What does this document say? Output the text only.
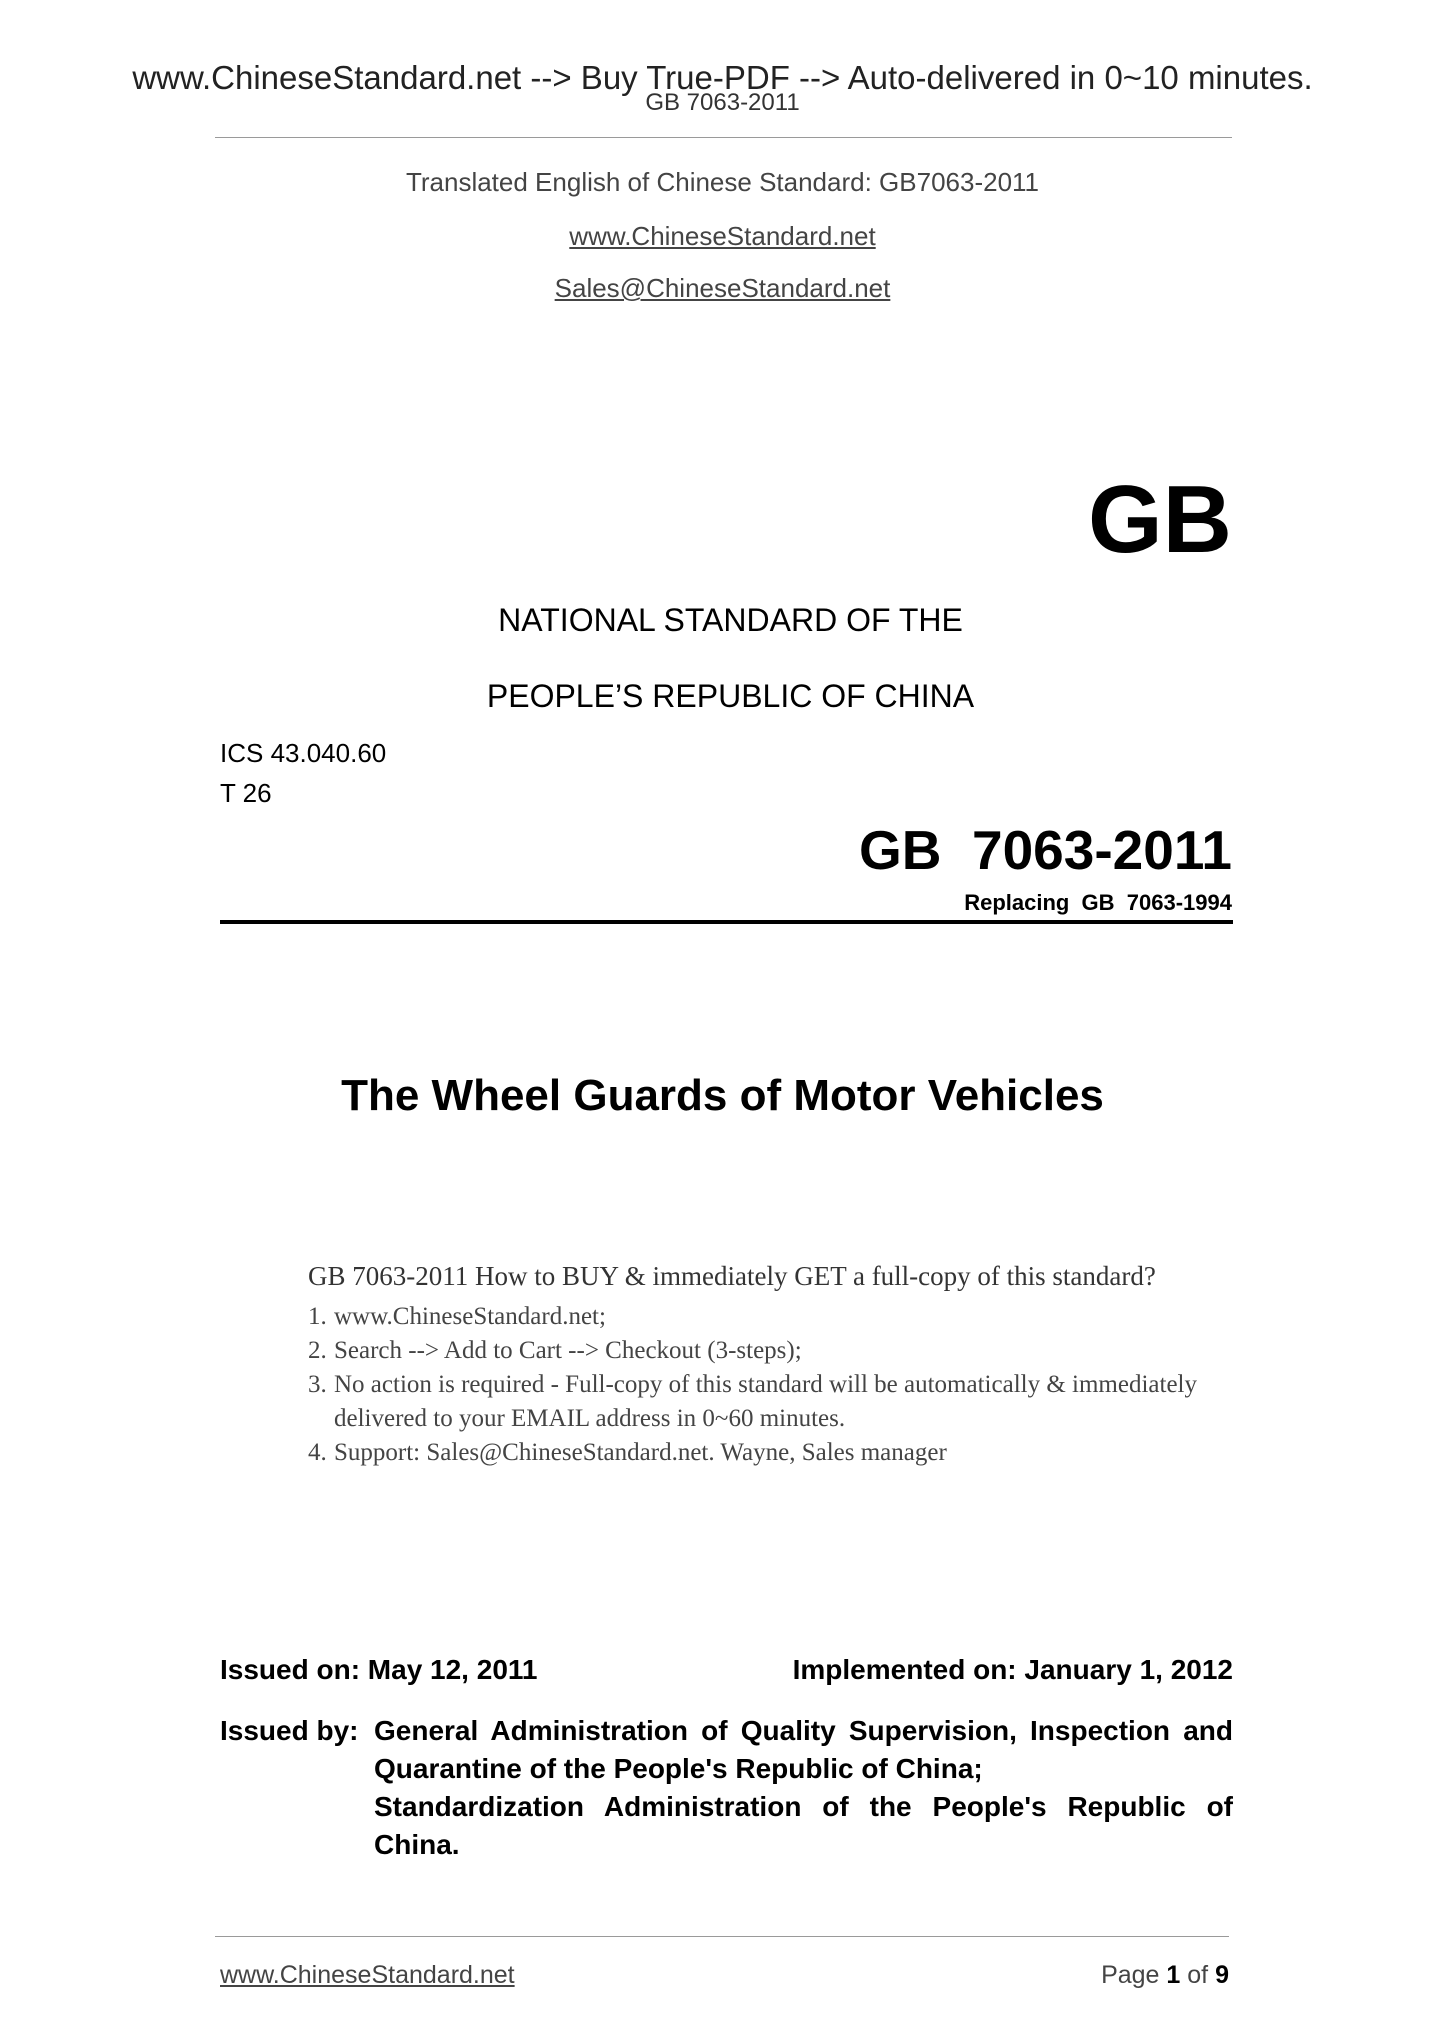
www.ChineseStandard.net --> Buy True-PDF --> Auto-delivered in 0~10 minutes.
GB 7063-2011
Translated English of Chinese Standard: GB7063-2011
www.ChineseStandard.net
Sales@ChineseStandard.net
GB
NATIONAL STANDARD OF THE
PEOPLE’S REPUBLIC OF CHINA
ICS 43.040.60
T 26
GB  7063-2011
Replacing  GB  7063-1994
The Wheel Guards of Motor Vehicles
GB 7063-2011 How to BUY & immediately GET a full-copy of this standard?
1. www.ChineseStandard.net;
2. Search --> Add to Cart --> Checkout (3-steps);
3. No action is required - Full-copy of this standard will be automatically & immediately delivered to your EMAIL address in 0~60 minutes.
4. Support: Sales@ChineseStandard.net. Wayne, Sales manager
Issued on: May 12, 2011	Implemented on: January 1, 2012
Issued by: General Administration of Quality Supervision, Inspection and
Quarantine of the People's Republic of China;
Standardization Administration of the People's Republic of
China.
www.ChineseStandard.net	Page 1 of 9
